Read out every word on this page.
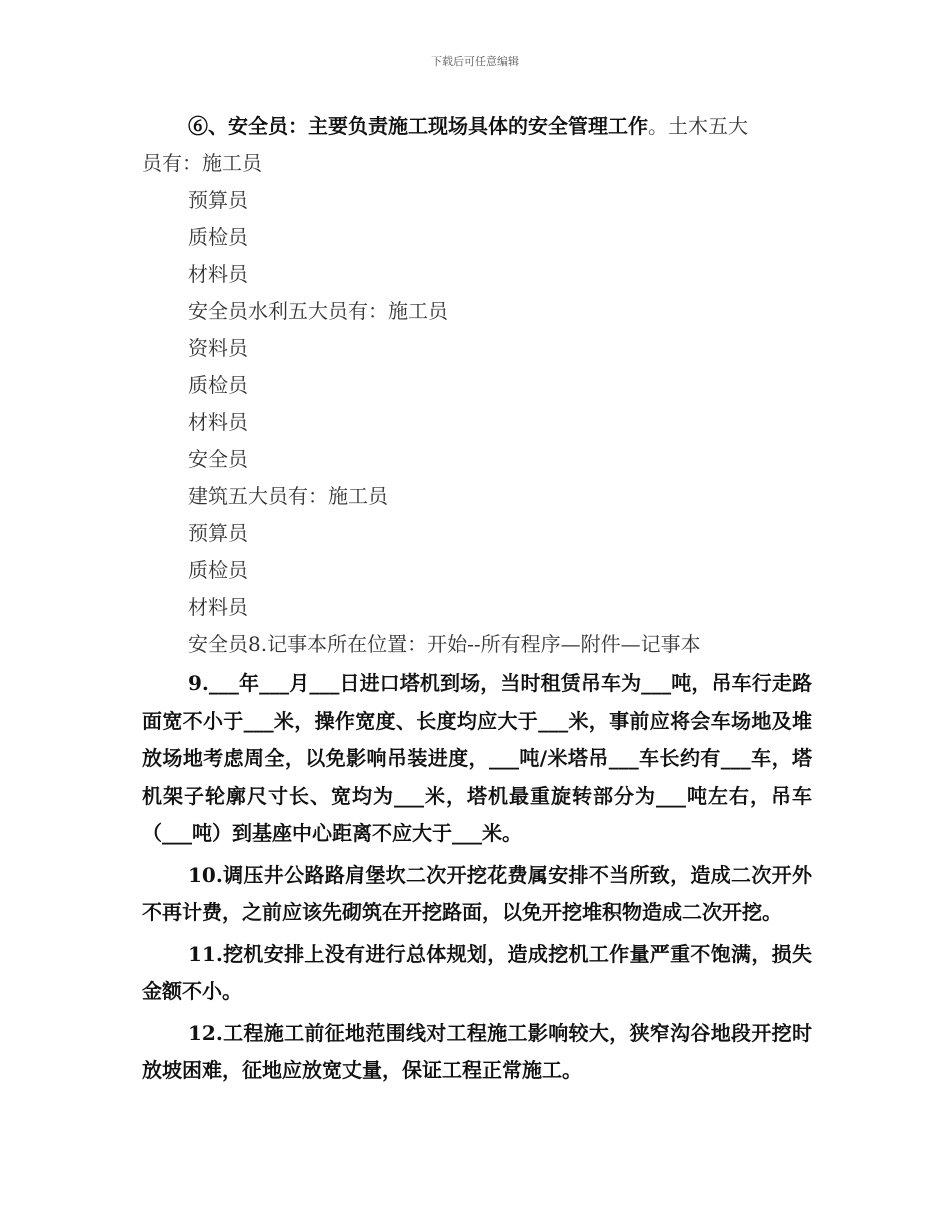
下载后可任意编辑

⑥、安全员：主要负责施工现场具体的安全管理工作。土木五大

员有：施工员

预算员

质检员

材料员

安全员水利五大员有：施工员

资料员

质检员

材料员

安全员

建筑五大员有：施工员

预算员

质检员

材料员

安全员8.记事本所在位置：开始--所有程序—附件—记事本

9.___年___月___日进口塔机到场，当时租赁吊车为___吨，吊车行走路面宽不小于___米，操作宽度、长度均应大于___米，事前应将会车场地及堆放场地考虑周全，以免影响吊装进度，___吨/米塔吊___车长约有___车，塔机架子轮廓尺寸长、宽均为___米，塔机最重旋转部分为___吨左右，吊车（___吨）到基座中心距离不应大于___米。

10.调压井公路路肩堡坎二次开挖花费属安排不当所致，造成二次开外不再计费，之前应该先砌筑在开挖路面，以免开挖堆积物造成二次开挖。

11.挖机安排上没有进行总体规划，造成挖机工作量严重不饱满，损失金额不小。

12.工程施工前征地范围线对工程施工影响较大，狭窄沟谷地段开挖时放坡困难，征地应放宽丈量，保证工程正常施工。
